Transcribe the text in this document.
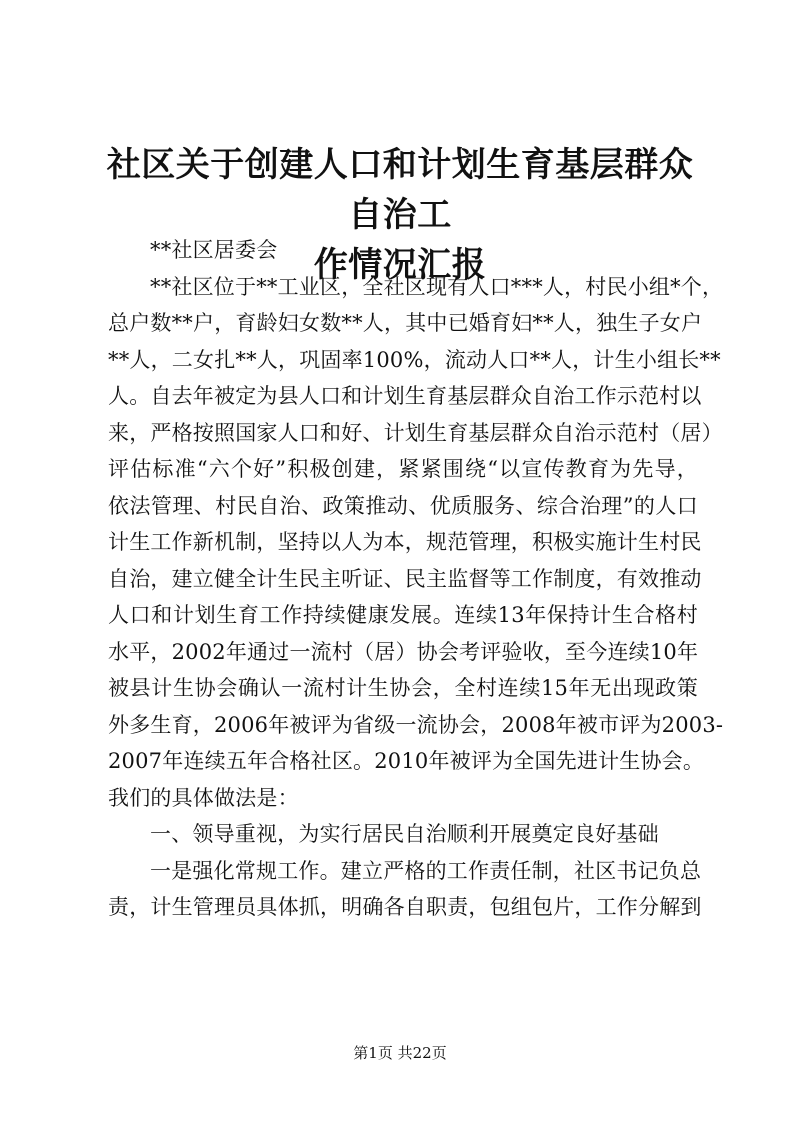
社区关于创建人口和计划生育基层群众自治工
作情况汇报
**社区居委会
**社区位于**工业区，全社区现有人口***人，村民小组*个，
总户数**户，育龄妇女数**人，其中已婚育妇**人，独生子女户
**人，二女扎**人，巩固率100%，流动人口**人，计生小组长**
人。自去年被定为县人口和计划生育基层群众自治工作示范村以
来，严格按照国家人口和好、计划生育基层群众自治示范村（居）
评估标准“六个好”积极创建，紧紧围绕“以宣传教育为先导，
依法管理、村民自治、政策推动、优质服务、综合治理”的人口
计生工作新机制，坚持以人为本，规范管理，积极实施计生村民
自治，建立健全计生民主听证、民主监督等工作制度，有效推动
人口和计划生育工作持续健康发展。连续13年保持计生合格村
水平，2002年通过一流村（居）协会考评验收，至今连续10年
被县计生协会确认一流村计生协会，全村连续15年无出现政策
外多生育，2006年被评为省级一流协会，2008年被市评为2003-
2007年连续五年合格社区。2010年被评为全国先进计生协会。
我们的具体做法是：
一、领导重视，为实行居民自治顺利开展奠定良好基础
一是强化常规工作。建立严格的工作责任制，社区书记负总
责，计生管理员具体抓，明确各自职责，包组包片，工作分解到
第1页 共22页
